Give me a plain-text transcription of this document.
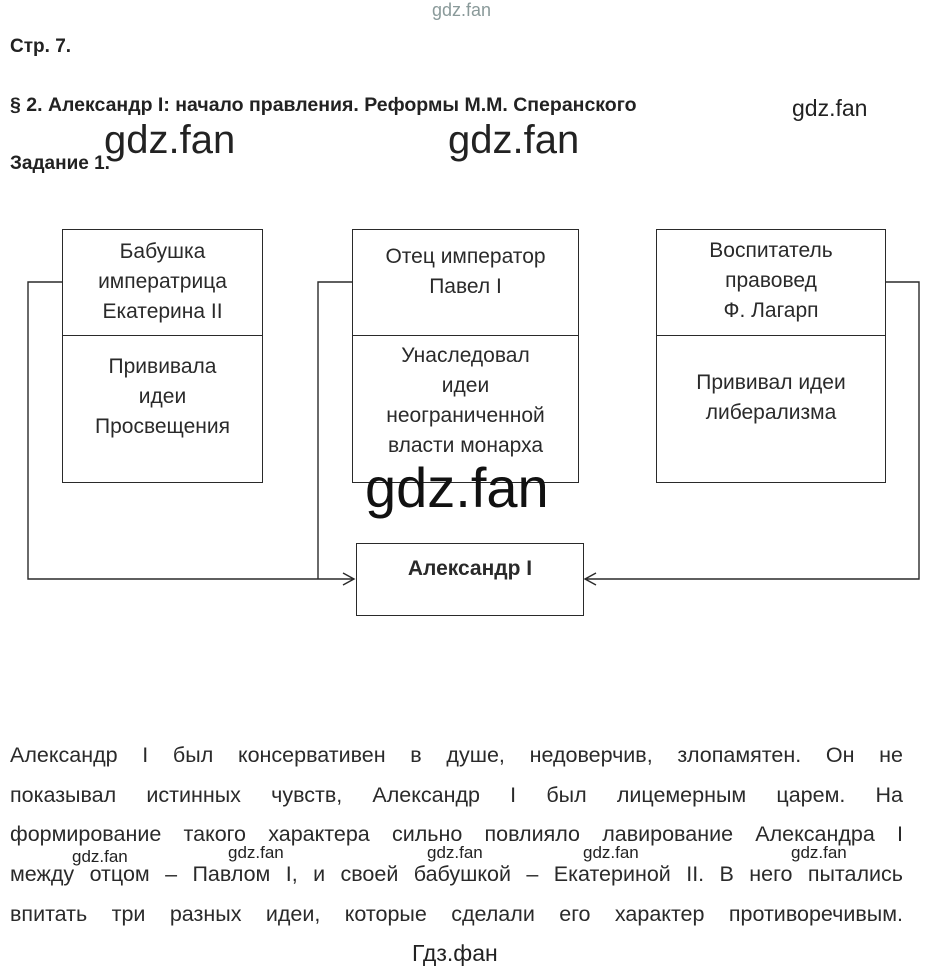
Стр. 7.
§ 2. Александр I: начало правления. Реформы М.М. Сперанского
Задание 1.
Бабушка
императрица
Екатерина II
Прививала
идеи
Просвещения
Отец император
Павел I
Унаследовал
идеи
неограниченной
власти монарха
Воспитатель
правовед
Ф. Лагарп
Прививал идеи
либерализма
Александр I
Александр I был консервативен в душе, недоверчив, злопамятен. Он не
показывал истинных чувств, Александр I был лицемерным царем. На
формирование такого характера сильно повлияло лавирование Александра I
между отцом – Павлом I, и своей бабушкой – Екатериной II. В него пытались
впитать три разных идеи, которые сделали его характер противоречивым.
gdz.fan
gdz.fan
gdz.fan	gdz.fan
gdz.fan
gdz.fan	gdz.fan	gdz.fan	gdz.fan	gdz.fan
Гдз.фан
